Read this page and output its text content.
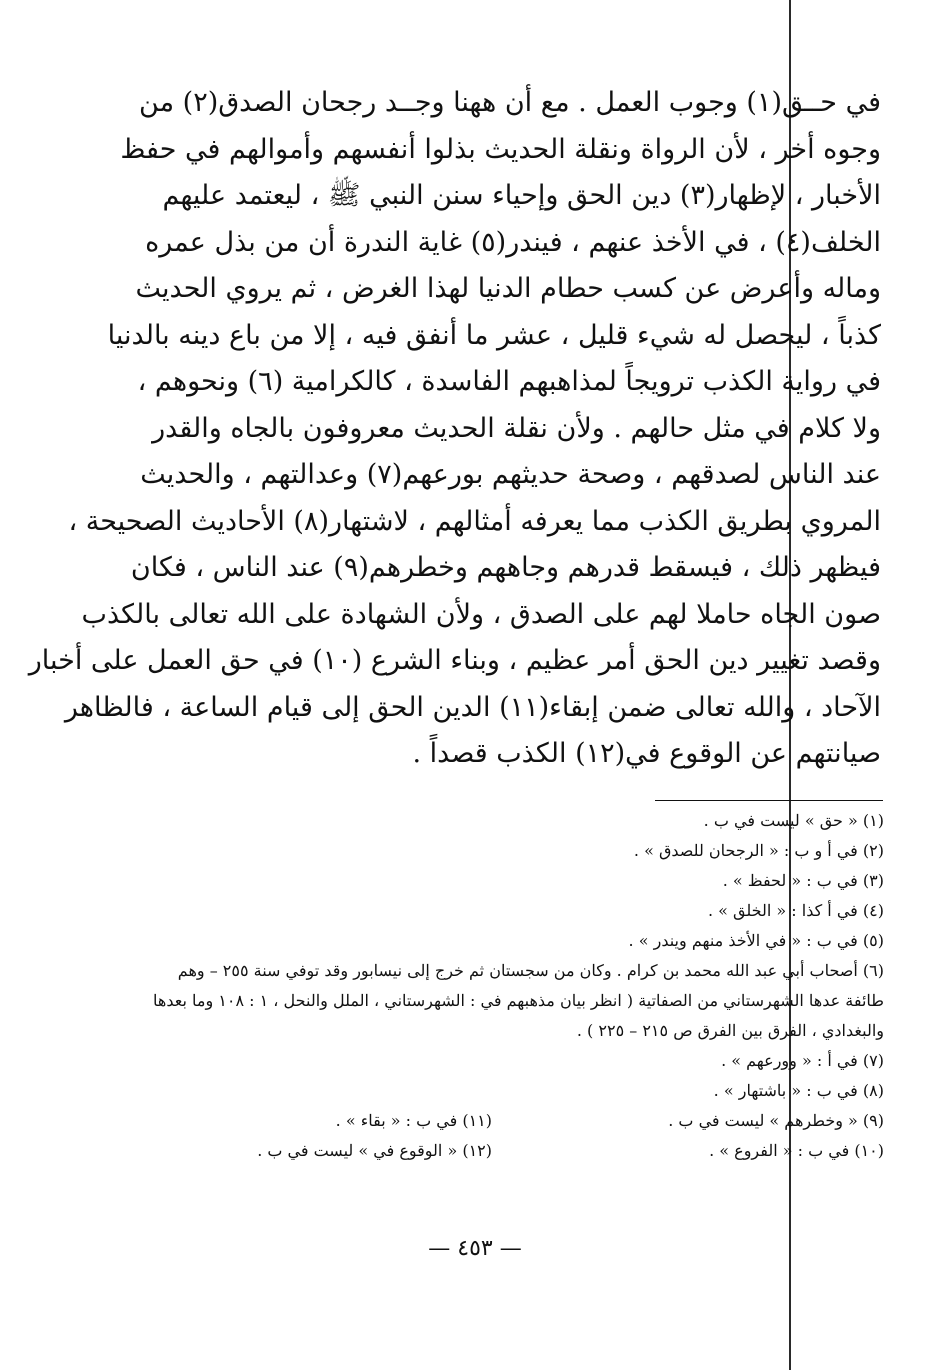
في حــق(١) وجوب العمل . مع أن ههنا وجــد رجحان الصدق(٢) من
وجوه أخر ، لأن الرواة ونقلة الحديث بذلوا أنفسهم وأموالهم في حفظ
الأخبار ، لإظهار(٣) دين الحق وإحياء سنن النبي ﷺ ، ليعتمد عليهم
الخلف(٤) ، في الأخذ عنهم ، فيندر(٥) غاية الندرة أن من بذل عمره
وماله وأعرض عن كسب حطام الدنيا لهذا الغرض ، ثم يروي الحديث
كذباً ، ليحصل له شيء قليل ، عشر ما أنفق فيه ، إلا من باع دينه بالدنيا
في رواية الكذب ترويجاً لمذاهبهم الفاسدة ، كالكرامية (٦) ونحوهم ،
ولا كلام في مثل حالهم . ولأن نقلة الحديث معروفون بالجاه والقدر
عند الناس لصدقهم ، وصحة حديثهم بورعهم(٧) وعدالتهم ، والحديث
المروي بطريق الكذب مما يعرفه أمثالهم ، لاشتهار(٨) الأحاديث الصحيحة ،
فيظهر ذلك ، فيسقط قدرهم وجاههم وخطرهم(٩) عند الناس ، فكان
صون الجاه حاملا لهم على الصدق ، ولأن الشهادة على الله تعالى بالكذب
وقصد تغيير دين الحق أمر عظيم ، وبناء الشرع (١٠) في حق العمل على أخبار
الآحاد ، والله تعالى ضمن إبقاء(١١) الدين الحق إلى قيام الساعة ، فالظاهر
صيانتهم عن الوقوع في(١٢) الكذب قصداً .
(١) « حق » ليست في ب .
(٢) في أ و ب : « الرجحان للصدق » .
(٣) في ب : « لحفظ » .
(٤) في أ كذا : « الخلق » .
(٥) في ب : « في الأخذ منهم ويندر » .
(٦) أصحاب أبي عبد الله محمد بن كرام . وكان من سجستان ثم خرج إلى نيسابور وقد توفي سنة ٢٥٥ – وهم
طائفة عدها الشهرستاني من الصفاتية ( انظر بيان مذهبهم في : الشهرستاني ، الملل والنحل ، ١ : ١٠٨ وما بعدها
والبغدادي ، الفرق بين الفرق ص ٢١٥ – ٢٢٥ ) .
(٧) في أ : « وورعهم » .
(٨) في ب : « باشتهار » .
(٩) « وخطرهم » ليست في ب .
(١١) في ب : « بقاء » .
(١٠) في ب : « الفروع » .
(١٢) « الوقوع في » ليست في ب .
— ٤٥٣ —
